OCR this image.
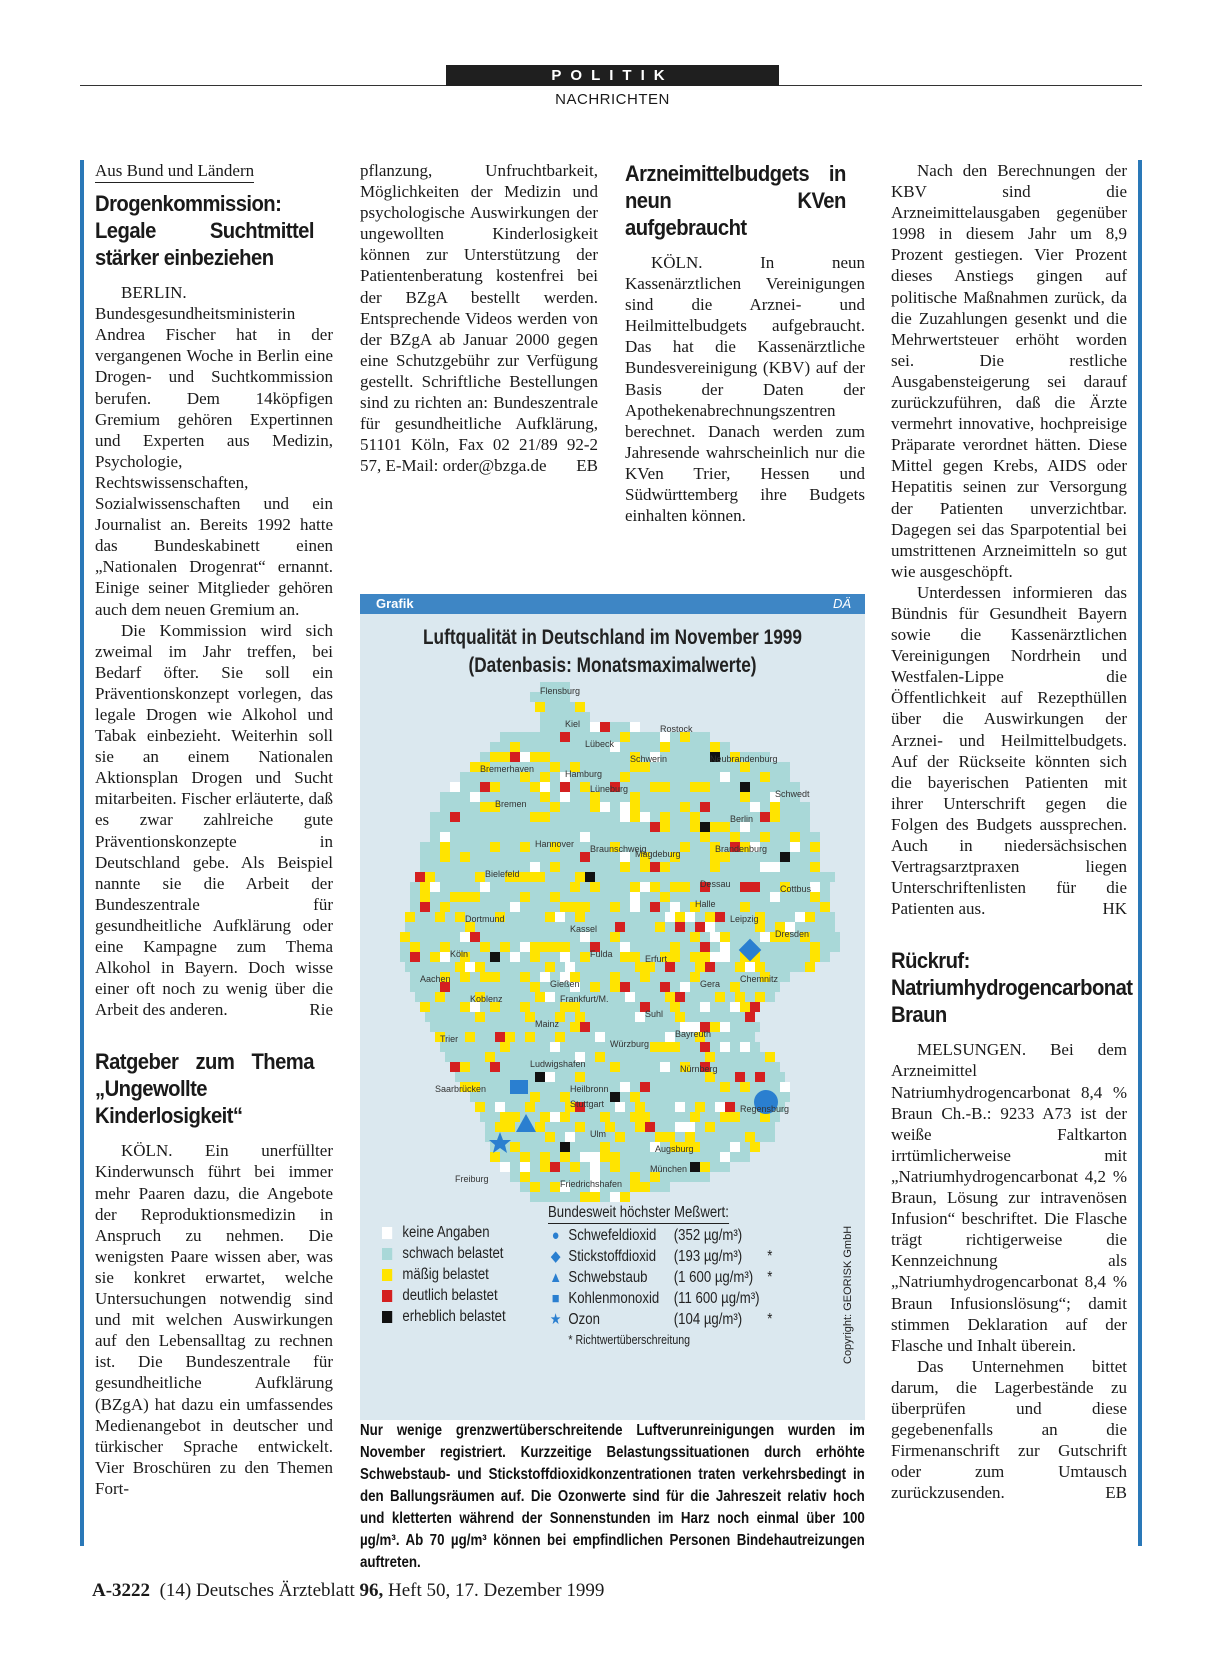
POLITIK
NACHRICHTEN
Aus Bund und Ländern
Drogenkommission: Legale Suchtmittel stärker einbeziehen

BERLIN. Bundesgesundheitsministerin Andrea Fischer hat in der vergangenen Woche in Berlin eine Drogen- und Suchtkommission berufen. Dem 14köpfigen Gremium gehören Expertinnen und Experten aus Medizin, Psychologie, Rechtswissenschaften, Sozialwissenschaften und ein Journalist an. Bereits 1992 hatte das Bundeskabinett einen „Nationalen Drogenrat“ ernannt. Einige seiner Mitglieder gehören auch dem neuen Gremium an.

Die Kommission wird sich zweimal im Jahr treffen, bei Bedarf öfter. Sie soll ein Präventionskonzept vorlegen, das legale Drogen wie Alkohol und Tabak einbezieht. Weiterhin soll sie an einem Nationalen Aktionsplan Drogen und Sucht mitarbeiten. Fischer erläuterte, daß es zwar zahlreiche gute Präventionskonzepte in Deutschland gebe. Als Beispiel nannte sie die Arbeit der Bundeszentrale für gesundheitliche Aufklärung oder eine Kampagne zum Thema Alkohol in Bayern. Doch wisse einer oft noch zu wenig über die Arbeit des anderen.	Rie

Ratgeber zum Thema „Ungewollte Kinderlosigkeit“

KÖLN. Ein unerfüllter Kinderwunsch führt bei immer mehr Paaren dazu, die Angebote der Reproduktionsmedizin in Anspruch zu nehmen. Die wenigsten Paare wissen aber, was sie konkret erwartet, welche Untersuchungen notwendig sind und mit welchen Auswirkungen auf den Lebensalltag zu rechnen ist. Die Bundeszentrale für gesundheitliche Aufklärung (BZgA) hat dazu ein umfassendes Medienangebot in deutscher und türkischer Sprache entwickelt. Vier Broschüren zu den Themen Fort-

pflanzung, Unfruchtbarkeit, Möglichkeiten der Medizin und psychologische Auswirkungen der ungewollten Kinderlosigkeit können zur Unterstützung der Patientenberatung kostenfrei bei der BZgA bestellt werden. Entsprechende Videos werden von der BZgA ab Januar 2000 gegen eine Schutzgebühr zur Verfügung gestellt. Schriftliche Bestellungen sind zu richten an: Bundeszentrale für gesundheitliche Aufklärung, 51101 Köln, Fax 02 21/89 92-2 57, E-Mail: order@bzga.de EB

Arzneimittelbudgets in neun KVen aufgebraucht

KÖLN. In neun Kassenärztlichen Vereinigungen sind die Arznei- und Heilmittelbudgets aufgebraucht. Das hat die Kassenärztliche Bundesvereinigung (KBV) auf der Basis der Daten der Apothekenabrechnungszentren berechnet. Danach werden zum Jahresende wahrscheinlich nur die KVen Trier, Hessen und Südwürttemberg ihre Budgets einhalten können.

Nach den Berechnungen der KBV sind die Arzneimittelausgaben gegenüber 1998 in diesem Jahr um 8,9 Prozent gestiegen. Vier Prozent dieses Anstiegs gingen auf politische Maßnahmen zurück, da die Zuzahlungen gesenkt und die Mehrwertsteuer erhöht worden sei. Die restliche Ausgabensteigerung sei darauf zurückzuführen, daß die Ärzte vermehrt innovative, hochpreisige Präparate verordnet hätten. Diese Mittel gegen Krebs, AIDS oder Hepatitis seinen zur Versorgung der Patienten unverzichtbar. Dagegen sei das Sparpotential bei umstrittenen Arzneimitteln so gut wie ausgeschöpft.

Unterdessen informieren das Bündnis für Gesundheit Bayern sowie die Kassenärztlichen Vereinigungen Nordrhein und Westfalen-Lippe die Öffentlichkeit auf Rezepthüllen über die Auswirkungen der Arznei- und Heilmittelbudgets. Auf der Rückseite könnten sich die bayerischen Patienten mit ihrer Unterschrift gegen die Folgen des Budgets aussprechen. Auch in niedersächsischen Vertragsarztpraxen liegen Unterschriftenlisten für die Patienten aus.	HK

Rückruf: Natriumhydrogencarbonat Braun

MELSUNGEN. Bei dem Arzneimittel Natriumhydrogencarbonat 8,4 % Braun Ch.-B.: 9233 A73 ist der weiße Faltkarton irrtümlicherweise mit „Natriumhydrogencarbonat 4,2 % Braun, Lösung zur intravenösen Infusion“ beschriftet. Die Flasche trägt richtigerweise die Kennzeichnung als „Natriumhydrogencarbonat 8,4 % Braun Infusionslösung“; damit stimmen Deklaration auf der Flasche und Inhalt überein.

Das Unternehmen bittet darum, die Lagerbestände zu überprüfen und diese gegebenenfalls an die Firmenanschrift zur Gutschrift oder zum Umtausch zurückzusenden.	EB

Grafik	DÄ
Luftqualität in Deutschland im November 1999
(Datenbasis: Monatsmaximalwerte)
Flensburg
Kiel	Rostock
Lübeck
Schwerin	Neubrandenburg
Bremerhaven	Hamburg
Lüneburg
Bremen
Schwedt
Berlin
Hannover Braunschweig	Brandenburg
Magdeburg
Bielefeld
Dessau	Cottbus
Halle
Leipzig
Dortmund
Kassel	Dresden
Köln	Fulda	Erfurt
Aachen	Gießen	Gera Chemnitz
Koblenz	Frankfurt/M.
Suhl
Mainz
Bayreuth
Trier	Würzburg
Ludwigshafen	Nürnberg
Saarbrücken	Heilbronn
Stuttgart	Regensburg
Ulm
Augsburg
München
Freiburg	Friedrichshafen
keine Angaben
schwach belastet
mäßig belastet
deutlich belastet
erheblich belastet
Bundesweit höchster Meßwert:
● Schwefeldioxid	(352 µg/m³)
◆ Stickstoffdioxid	(193 µg/m³)	*
▲ Schwebstaub	(1 600 µg/m³) *
■ Kohlenmonoxid (11 600 µg/m³)
★ Ozon	(104 µg/m³)	*
* Richtwertüberschreitung	Copyright: GEORISK GmbH
Nur wenige grenzwertüberschreitende Luftverunreinigungen wurden im November registriert. Kurzzeitige Belastungssituationen durch erhöhte Schwebstaub- und Stickstoffdioxidkonzentrationen traten verkehrsbedingt in den Ballungsräumen auf. Die Ozonwerte sind für die Jahreszeit relativ hoch und kletterten während der Sonnenstunden im Harz noch einmal über 100 µg/m³. Ab 70 µg/m³ können bei empfindlichen Personen Bindehautreizungen auftreten.
A-3222 (14) Deutsches Ärzteblatt 96, Heft 50, 17. Dezember 1999
